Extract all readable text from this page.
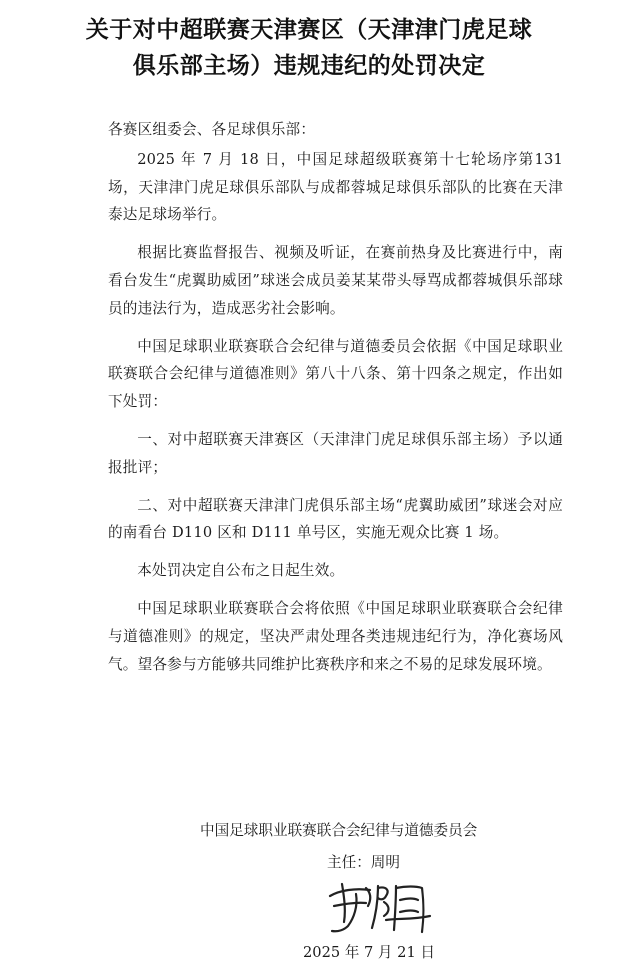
关于对中超联赛天津赛区（天津津门虎足球
俱乐部主场）违规违纪的处罚决定

各赛区组委会、各足球俱乐部：

2025 年 7 月 18 日，中国足球超级联赛第十七轮场序第131 场，天津津门虎足球俱乐部队与成都蓉城足球俱乐部队的比赛在天津泰达足球场举行。

根据比赛监督报告、视频及听证，在赛前热身及比赛进行中，南看台发生“虎翼助威团”球迷会成员姜某某带头辱骂成都蓉城俱乐部球员的违法行为，造成恶劣社会影响。

中国足球职业联赛联合会纪律与道德委员会依据《中国足球职业联赛联合会纪律与道德准则》第八十八条、第十四条之规定，作出如下处罚：

一、对中超联赛天津赛区（天津津门虎足球俱乐部主场）予以通报批评；

二、对中超联赛天津津门虎俱乐部主场“虎翼助威团”球迷会对应的南看台 D110 区和 D111 单号区，实施无观众比赛 1 场。

本处罚决定自公布之日起生效。

中国足球职业联赛联合会将依照《中国足球职业联赛联合会纪律与道德准则》的规定，坚决严肃处理各类违规违纪行为，净化赛场风气。望各参与方能够共同维护比赛秩序和来之不易的足球发展环境。

中国足球职业联赛联合会纪律与道德委员会
主任：周明
2025 年 7 月 21 日
